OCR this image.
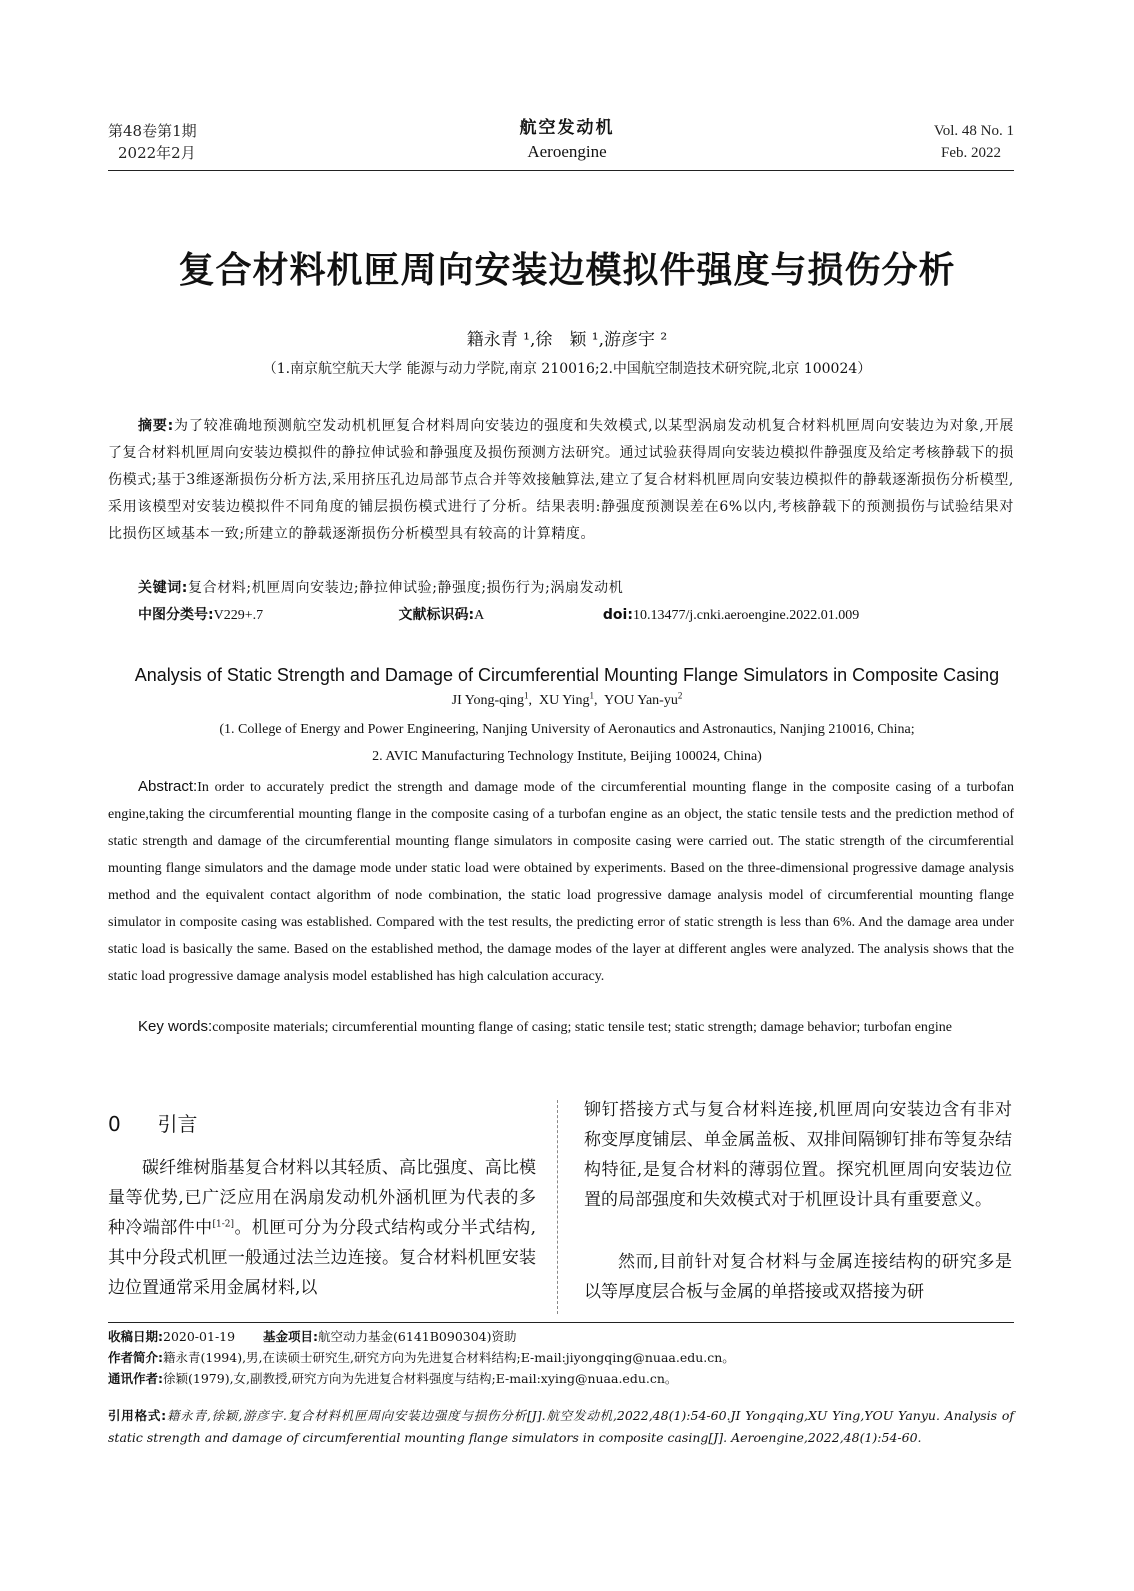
第48卷第1期
2022年2月
航空发动机
Aeroengine
Vol. 48 No. 1
Feb. 2022
复合材料机匣周向安装边模拟件强度与损伤分析
籍永青 ¹,徐　颖 ¹,游彦宇 ²
（1.南京航空航天大学 能源与动力学院,南京 210016;2.中国航空制造技术研究院,北京 100024）
摘要:为了较准确地预测航空发动机机匣复合材料周向安装边的强度和失效模式,以某型涡扇发动机复合材料机匣周向安装边为对象,开展了复合材料机匣周向安装边模拟件的静拉伸试验和静强度及损伤预测方法研究。通过试验获得周向安装边模拟件静强度及给定考核静载下的损伤模式;基于3维逐渐损伤分析方法,采用挤压孔边局部节点合并等效接触算法,建立了复合材料机匣周向安装边模拟件的静载逐渐损伤分析模型,采用该模型对安装边模拟件不同角度的铺层损伤模式进行了分析。结果表明:静强度预测误差在6%以内,考核静载下的预测损伤与试验结果对比损伤区域基本一致;所建立的静载逐渐损伤分析模型具有较高的计算精度。
关键词:复合材料;机匣周向安装边;静拉伸试验;静强度;损伤行为;涡扇发动机
中图分类号:V229+.7	文献标识码:A	doi:10.13477/j.cnki.aeroengine.2022.01.009
Analysis of Static Strength and Damage of Circumferential Mounting Flange Simulators in Composite Casing
JI Yong-qing$^1$,  XU Ying$^1$,  YOU Yan-$yu^2$
(1. College of Energy and Power Engineering, Nanjing University of Aeronautics and Astronautics, Nanjing 210016, China;
2. AVIC Manufacturing Technology Institute, Beijing 100024, China)
Abstract:In order to accurately predict the strength and damage mode of the circumferential mounting flange in the composite casing of a turbofan engine,taking the circumferential mounting flange in the composite casing of a turbofan engine as an object, the static tensile tests and the prediction method of static strength and damage of the circumferential mounting flange simulators in composite casing were carried out. The static strength of the circumferential mounting flange simulators and the damage mode under static load were obtained by experiments. Based on the three-dimensional progressive damage analysis method and the equivalent contact algorithm of node combination, the static load progressive damage analysis model of circumferential mounting flange simulator in composite casing was established. Compared with the test results, the predicting error of static strength is less than 6%. And the damage area under static load is basically the same. Based on the established method, the damage modes of the layer at different angles were analyzed. The analysis shows that the static load progressive damage analysis model established has high calculation accuracy.
Key words:composite materials; circumferential mounting flange of casing; static tensile test; static strength; damage behavior; turbofan engine
0 引言
碳纤维树脂基复合材料以其轻质、高比强度、高比模量等优势,已广泛应用在涡扇发动机外涵机匣为代表的多种冷端部件中[1-2]。机匣可分为分段式结构或分半式结构,其中分段式机匣一般通过法兰边连接。复合材料机匣安装边位置通常采用金属材料,以
铆钉搭接方式与复合材料连接,机匣周向安装边含有非对称变厚度铺层、单金属盖板、双排间隔铆钉排布等复杂结构特征,是复合材料的薄弱位置。探究机匣周向安装边位置的局部强度和失效模式对于机匣设计具有重要意义。
然而,目前针对复合材料与金属连接结构的研究多是以等厚度层合板与金属的单搭接或双搭接为研
收稿日期:2020-01-19 基金项目:航空动力基金(6141B090304)资助
作者简介:籍永青(1994),男,在读硕士研究生,研究方向为先进复合材料结构;E-mail:jiyongqing@nuaa.edu.cn。
通讯作者:徐颖(1979),女,副教授,研究方向为先进复合材料强度与结构;E-mail:xying@nuaa.edu.cn。
引用格式:籍永青,徐颖,游彦宇.复合材料机匣周向安装边强度与损伤分析[J].航空发动机,2022,48(1):54-60.JI Yongqing,XU Ying,YOU Yanyu. Analysis of static strength and damage of circumferential mounting flange simulators in composite casing[J]. Aeroengine,2022,48(1):54-60.
